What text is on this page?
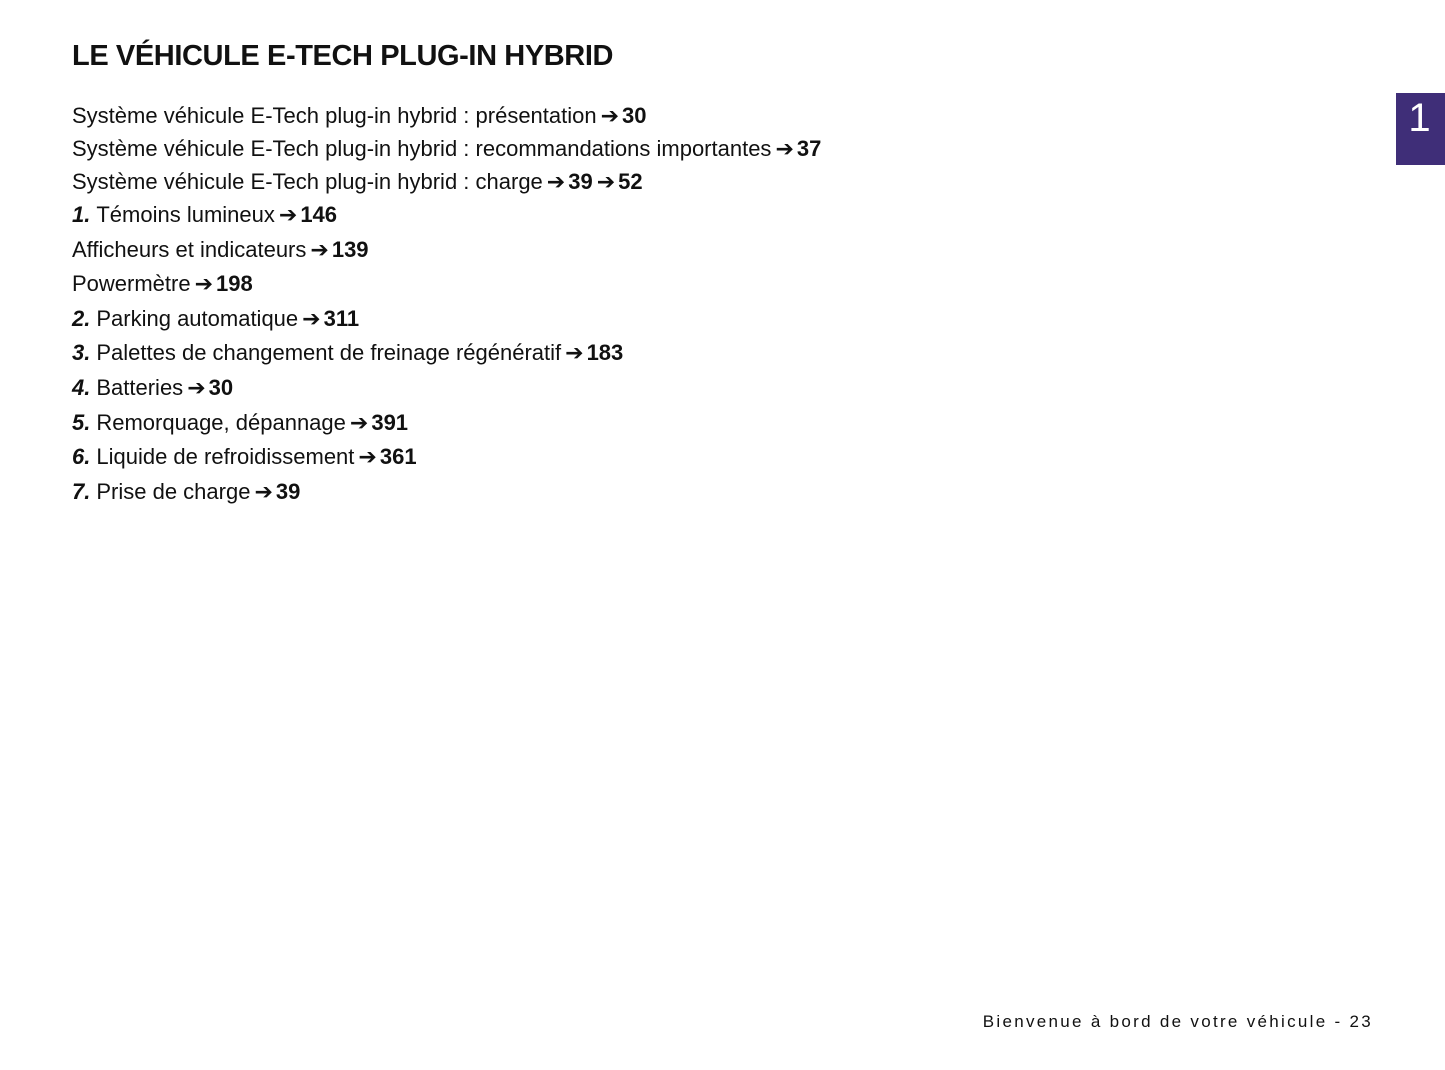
LE VÉHICULE E-TECH PLUG-IN HYBRID
Système véhicule E-Tech plug-in hybrid : présentation ➔ 30
Système véhicule E-Tech plug-in hybrid : recommandations importantes ➔ 37
Système véhicule E-Tech plug-in hybrid : charge ➔ 39 ➔ 52
1. Témoins lumineux ➔ 146
Afficheurs et indicateurs ➔ 139
Powermètre ➔ 198
2. Parking automatique ➔ 311
3. Palettes de changement de freinage régénératif ➔ 183
4. Batteries ➔ 30
5. Remorquage, dépannage ➔ 391
6. Liquide de refroidissement ➔ 361
7. Prise de charge ➔ 39
1
Bienvenue à bord de votre véhicule - 23
